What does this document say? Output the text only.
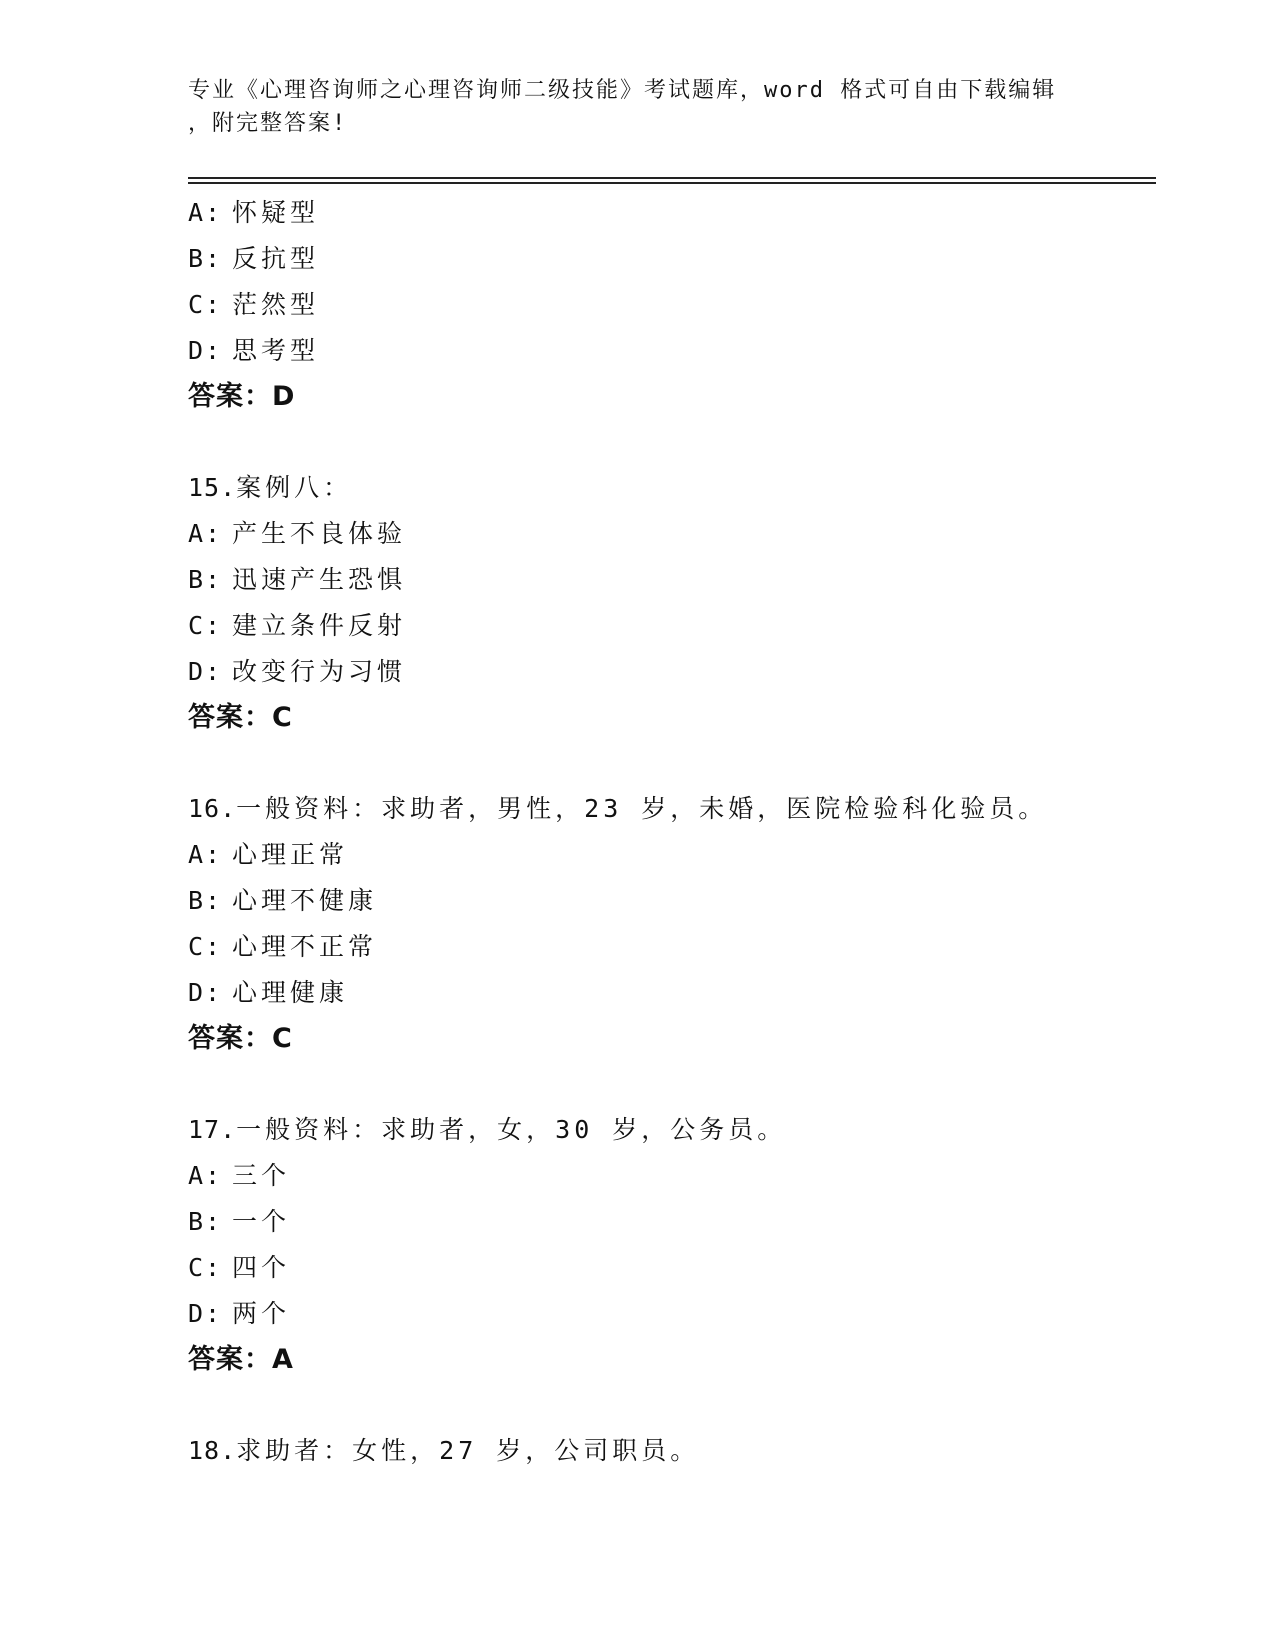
专业《心理咨询师之心理咨询师二级技能》考试题库，word 格式可自由下载编辑
，附完整答案!
A: 怀疑型
B: 反抗型
C: 茫然型
D: 思考型
答案：D
15.案例八：
A: 产生不良体验
B: 迅速产生恐惧
C: 建立条件反射
D: 改变行为习惯
答案：C
16.一般资料：求助者，男性，23 岁，未婚，医院检验科化验员。
A: 心理正常
B: 心理不健康
C: 心理不正常
D: 心理健康
答案：C
17.一般资料：求助者，女，30 岁，公务员。
A: 三个
B: 一个
C: 四个
D: 两个
答案：A
18.求助者：女性，27 岁，公司职员。
